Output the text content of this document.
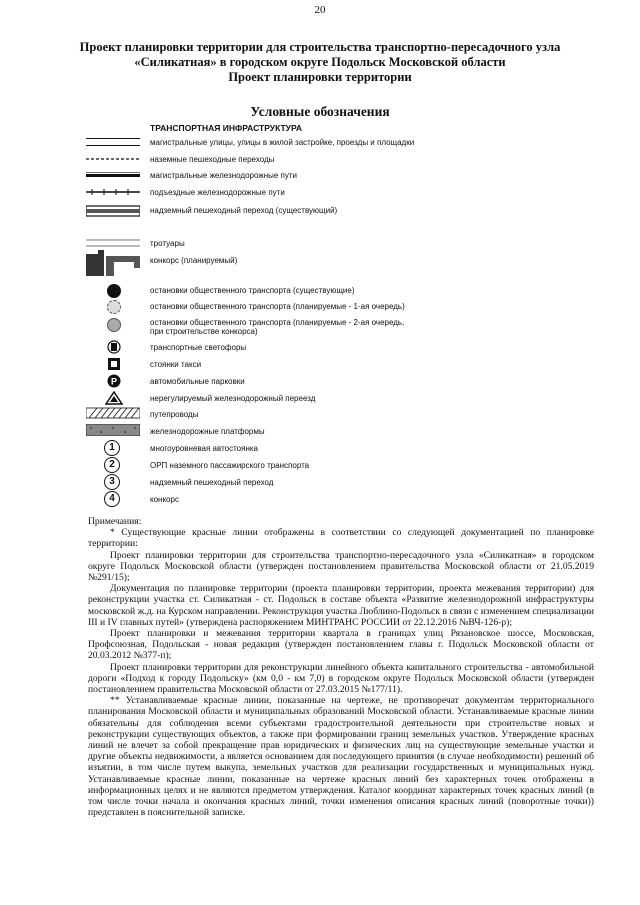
20
Проект планировки территории для строительства транспортно-пересадочного узла
«Силикатная» в городском округе Подольск Московской области
Проект планировки территории
Условные обозначения
ТРАНСПОРТНАЯ ИНФРАСТРУКТУРА
P
1
2
3
4
магистральные улицы, улицы в жилой застройке, проезды и площадки
наземные пешеходные переходы
магистральные железнодорожные пути
подъездные железнодорожные пути
надземный пешеходный переход (существующий)
тротуары
конкорс (планируемый)
остановки общественного транспорта (существующие)
остановки общественного транспорта (планируемые - 1-ая очередь)
остановки общественного транспорта (планируемые - 2-ая очередь,
при строительстве конкорса)
транспортные светофоры
стоянки такси
автомобильные парковки
нерегулируемый железнодорожный переезд
путепроводы
железнодорожные платформы
многоуровневая автостоянка
ОРП наземного пассажирского транспорта
надземный пешеходный переход
конкорс

Примечания:

* Существующие красные линии отображены в соответствии со следующей документацией по планировке территории:

Проект планировки территории для строительства транспортно-пересадочного узла «Силикатная» в городском округе Подольск Московской области (утвержден постановлением правительства Московской области от 21.05.2019 №291/15);

Документация по планировке территории (проекта планировки территории, проекта межевания территории) для реконструкции участка ст. Силикатная - ст. Подольск в составе объекта «Развитие железнодорожной инфраструктуры московской ж.д. на Курском направлении. Реконструкция участка Люблино-Подольск в связи с изменением специализации III и IV главных путей» (утверждена распоряжением МИНТРАНС РОССИИ от 22.12.2016 №ВЧ-126-р);

Проект планировки и межевания территории квартала в границах улиц Рязановское шоссе, Московская, Профсоюзная, Подольская - новая редакция (утвержден постановлением главы г. Подольск Московской области от 20.03.2012 №377-п);

Проект планировки территории для реконструкции линейного объекта капитального строительства - автомобильной дороги «Подход к городу Подольску» (км 0,0 - км 7,0) в городском округе Подольск Московской области (утвержден постановлением правительства Московской области от 27.03.2015 №177/11).

** Устанавливаемые красные линии, показанные на чертеже, не противоречат документам территориального планирования Московской области и муниципальных образований Московской области. Устанавливаемые красные линии обязательны для соблюдения всеми субъектами градостроительной деятельности при строительстве новых и реконструкции существующих объектов, а также при формировании границ земельных участков. Утверждение красных линий не влечет за собой прекращение прав юридических и физических лиц на существующие земельные участки и другие объекты недвижимости, а является основанием для последующего принятия (в случае необходимости) решений об изъятии, в том числе путем выкупа, земельных участков для реализации государственных и муниципальных нужд. Устанавливаемые красные линии, показанные на чертеже красных линий без характерных точек отображены в информационных целях и не являются предметом утверждения. Каталог координат характерных точек красных линий (в том числе точки начала и окончания красных линий, точки изменения описания красных линий (поворотные точки)) представлен в пояснительной записке.
